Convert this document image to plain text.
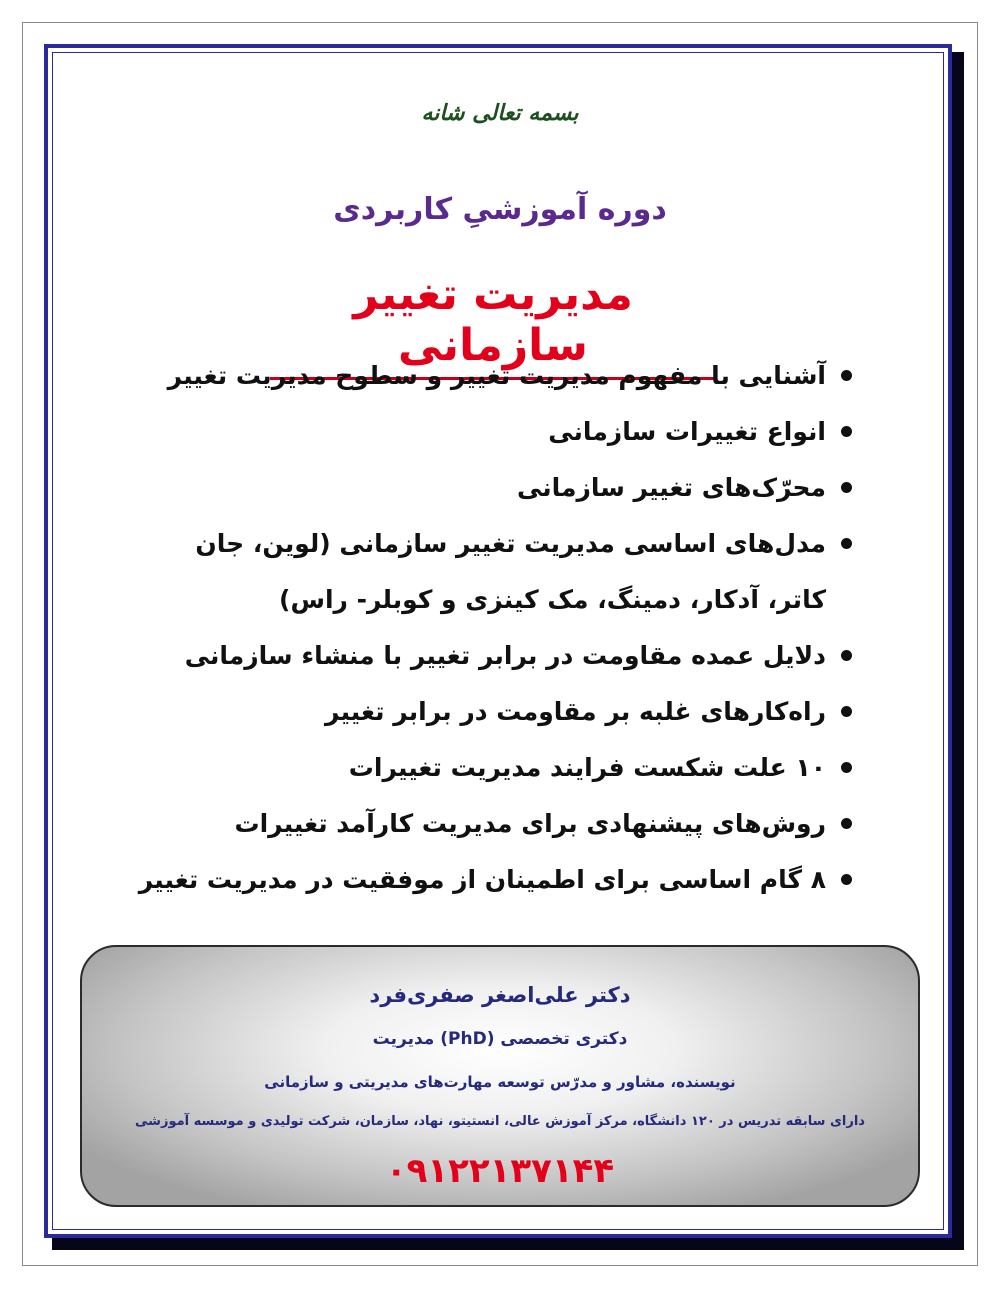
بسمه تعالی شانه
دوره آموزشیِ کاربردی
مدیریت تغییر سازمانی
آشنایی با مفهوم مدیریت تغییر و سطوح مدیریت تغییر
انواع تغییرات سازمانی
محرّک‌های تغییر سازمانی
مدل‌های اساسی مدیریت تغییر سازمانی (لوین، جان کاتر، آدکار، دمینگ، مک کینزی و کوبلر- راس)
دلایل عمده مقاومت در برابر تغییر با منشاء سازمانی
راه‌کارهای غلبه بر مقاومت در برابر تغییر
۱۰ علت شکست فرایند مدیریت تغییرات
روش‌های پیشنهادی برای مدیریت کارآمد تغییرات
۸ گام اساسی برای اطمینان از موفقیت در مدیریت تغییر
دکتر علی‌اصغر صفری‌فرد
دکتری تخصصی (PhD) مدیریت
نویسنده، مشاور و مدرّس توسعه مهارت‌های مدیریتی و سازمانی
دارای سابقه تدریس در ۱۲۰ دانشگاه، مرکز آموزش عالی، انستیتو، نهاد، سازمان، شرکت تولیدی و موسسه آموزشی
۰۹۱۲۲۱۳۷۱۴۴
